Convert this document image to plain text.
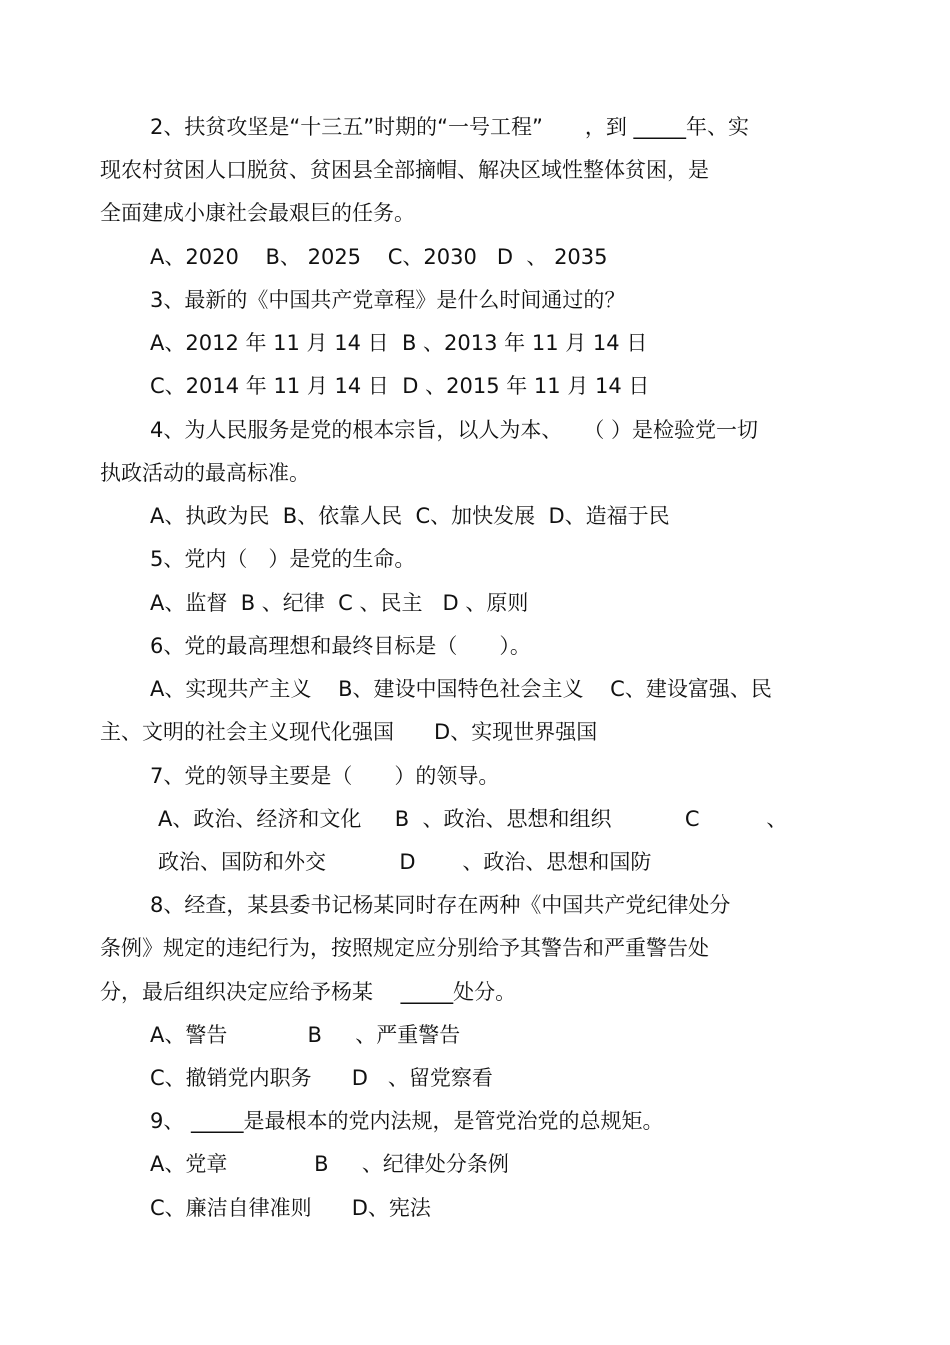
2、扶贫攻坚是“十三五”时期的“一号工程”　　，到 _____年、实
现农村贫困人口脱贫、贫困县全部摘帽、解决区域性整体贫困，是
全面建成小康社会最艰巨的任务。
A、2020    B、 2025    C、2030   D  、 2035
3、最新的《中国共产党章程》是什么时间通过的？
A、2012 年 11 月 14 日  B 、2013 年 11 月 14 日
C、2014 年 11 月 14 日  D 、2015 年 11 月 14 日
4、为人民服务是党的根本宗旨，以人为本、　　（ ）是检验党一切
执政活动的最高标准。
A、执政为民  B、依靠人民  C、加快发展  D、造福于民
5、党内（　）是党的生命。
A、监督  B 、纪律  C 、民主   D 、原则
6、党的最高理想和最终目标是（　　）。
A、实现共产主义    B、建设中国特色社会主义    C、建设富强、民
主、文明的社会主义现代化强国      D、实现世界强国
7、党的领导主要是（　　）的领导。
A、政治、经济和文化     B  、政治、思想和组织           C          、
政治、国防和外交           D       、政治、思想和国防
8、经查，某县委书记杨某同时存在两种《中国共产党纪律处分
条例》规定的违纪行为，按照规定应分别给予其警告和严重警告处
分，最后组织决定应给予杨某　 _____处分。
A、警告            B     、严重警告
C、撤销党内职务      D   、留党察看
9、 _____是最根本的党内法规，是管党治党的总规矩。
A、党章             B     、纪律处分条例
C、廉洁自律准则      D、宪法
